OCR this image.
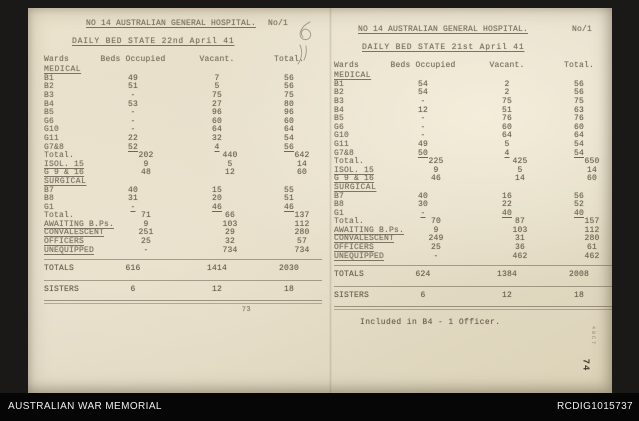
NO 14 AUSTRALIAN GENERAL HOSPITAL. No/1
DAILY BED STATE 22nd April 41
Wards	Beds Occupied	Vacant.	Total.
MEDICAL
B1	49	7	56
B2	51	5	56
B3	-	75	75
B4	53	27	80
B5	-	96	96
G6	-	60	60
G10	-	64	64
G11	22	32	54
G7&8	52	4	56
Total.	202	440	642
ISOL. 15	9	5	14
G 9 & 16	48	12	60
SURGICAL
B7	40	15	55
B8	31	20	51
G1	-	46	46
Total.	71	66	137
AWAITING B.Ps.	9	103	112
CONVALESCENT	251	29	280
OFFICERS	25	32	57
UNEQUIPPED	-	734	734
TOTALS	616	1414	2030
SISTERS	6	12	18
73
NO 14 AUSTRALIAN GENERAL HOSPITAL.	No/1
DAILY BED STATE 21st April 41
Wards	Beds Occupied	Vacant.	Total.
MEDICAL
B1	54	2	56
B2	54	2	56
B3	-	75	75
B4	12	51	63
B5	-	76	76
G6	-	60	60
G10	-	64	64
G11	49	5	54
G7&8	50	4	54
Total.	225	425	650
ISOL. 15	9	5	14
G 9 & 16	46	14	60
SURGICAL
B7	40	16	56
B8	30	22	52
G1	-	40	40
Total.	70	87	157
AWAITING B.Ps.	9	103	112
CONVALESCENT	249	31	280
OFFICERS	25	36	61
UNEQUIPPED	-	462	462
TOTALS	624	1384	2008
SISTERS	6	12	18
Included in B4 - 1 Officer.
48C7
74
AUSTRALIAN WAR MEMORIAL	RCDIG1015737
